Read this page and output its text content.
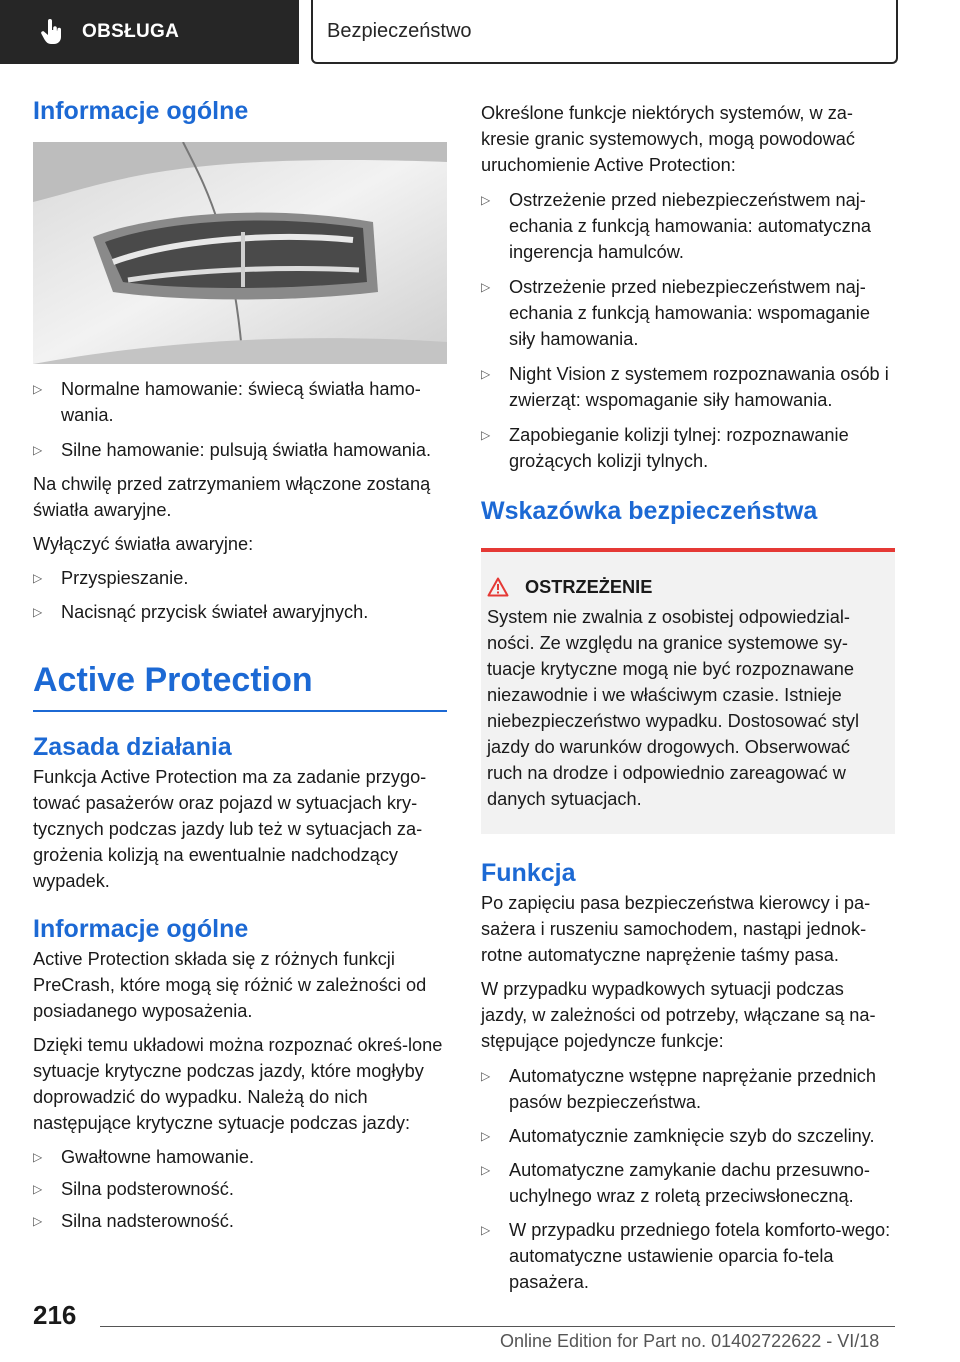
OBSŁUGA	Bezpieczeństwo
Informacje ogólne
▷	Normalne hamowanie: świecą światła hamo-wania.
▷	Silne hamowanie: pulsują światła hamowania.

Na chwilę przed zatrzymaniem włączone zostaną światła awaryjne.

Wyłączyć światła awaryjne:

▷	Przyspieszanie.
▷	Nacisnąć przycisk świateł awaryjnych.
Active Protection
Zasada działania

Funkcja Active Protection ma za zadanie przygo-tować pasażerów oraz pojazd w sytuacjach kry-tycznych podczas jazdy lub też w sytuacjach za-grożenia kolizją na ewentualnie nadchodzący wypadek.

Informacje ogólne

Active Protection składa się z różnych funkcji PreCrash, które mogą się różnić w zależności od posiadanego wyposażenia.

Dzięki temu układowi można rozpoznać okreś-lone sytuacje krytyczne podczas jazdy, które mogłyby doprowadzić do wypadku. Należą do nich następujące krytyczne sytuacje podczas jazdy:

▷	Gwałtowne hamowanie.
▷	Silna podsterowność.
▷	Silna nadsterowność.

Określone funkcje niektórych systemów, w za-kresie granic systemowych, mogą powodować uruchomienie Active Protection:

▷	Ostrzeżenie przed niebezpieczeństwem naj-echania z funkcją hamowania: automatyczna ingerencja hamulców.
▷	Ostrzeżenie przed niebezpieczeństwem naj-echania z funkcją hamowania: wspomaganie siły hamowania.
▷	Night Vision z systemem rozpoznawania osób i zwierząt: wspomaganie siły hamowania.
▷	Zapobieganie kolizji tylnej: rozpoznawanie grożących kolizji tylnych.
Wskazówka bezpieczeństwa
OSTRZEŻENIE

System nie zwalnia z osobistej odpowiedzial-ności. Ze względu na granice systemowe sy-tuacje krytyczne mogą nie być rozpoznawane niezawodnie i we właściwym czasie. Istnieje niebezpieczeństwo wypadku. Dostosować styl jazdy do warunków drogowych. Obserwować ruch na drodze i odpowiednio zareagować w danych sytuacjach.

Funkcja

Po zapięciu pasa bezpieczeństwa kierowcy i pa-sażera i ruszeniu samochodem, nastąpi jednok-rotne automatyczne naprężenie taśmy pasa.

W przypadku wypadkowych sytuacji podczas jazdy, w zależności od potrzeby, włączane są na-stępujące pojedyncze funkcje:

▷	Automatyczne wstępne naprężanie przednich pasów bezpieczeństwa.
▷	Automatycznie zamknięcie szyb do szczeliny.
▷	Automatyczne zamykanie dachu przesuwno-uchylnego wraz z roletą przeciwsłoneczną.
▷	W przypadku przedniego fotela komforto-wego: automatyczne ustawienie oparcia fo-tela pasażera.
216
Online Edition for Part no. 01402722622 - VI/18
